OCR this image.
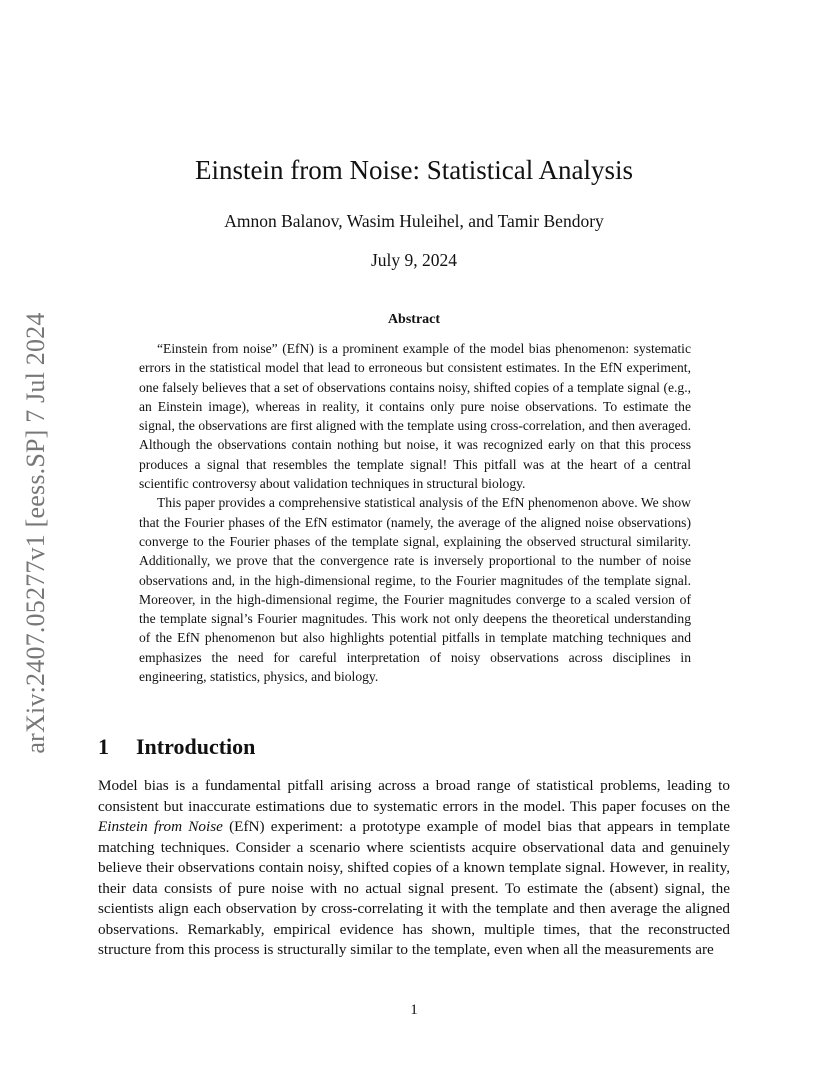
arXiv:2407.05277v1 [eess.SP] 7 Jul 2024
Einstein from Noise: Statistical Analysis
Amnon Balanov, Wasim Huleihel, and Tamir Bendory
July 9, 2024
Abstract

“Einstein from noise” (EfN) is a prominent example of the model bias phenomenon: systematic errors in the statistical model that lead to erroneous but consistent estimates. In the EfN experiment, one falsely believes that a set of observations contains noisy, shifted copies of a template signal (e.g., an Einstein image), whereas in reality, it contains only pure noise observations. To estimate the signal, the observations are first aligned with the template using cross-correlation, and then averaged. Although the observations contain nothing but noise, it was recognized early on that this process produces a signal that resembles the template signal! This pitfall was at the heart of a central scientific controversy about validation techniques in structural biology.

This paper provides a comprehensive statistical analysis of the EfN phenomenon above. We show that the Fourier phases of the EfN estimator (namely, the average of the aligned noise observations) converge to the Fourier phases of the template signal, explaining the observed structural similarity. Additionally, we prove that the convergence rate is inversely proportional to the number of noise observations and, in the high-dimensional regime, to the Fourier magnitudes of the template signal. Moreover, in the high-dimensional regime, the Fourier magnitudes converge to a scaled version of the template signal’s Fourier magnitudes. This work not only deepens the theoretical understanding of the EfN phenomenon but also highlights potential pitfalls in template matching techniques and emphasizes the need for careful interpretation of noisy observations across disciplines in engineering, statistics, physics, and biology.

1 Introduction

Model bias is a fundamental pitfall arising across a broad range of statistical problems, leading to consistent but inaccurate estimations due to systematic errors in the model. This paper focuses on the Einstein from Noise (EfN) experiment: a prototype example of model bias that appears in template matching techniques. Consider a scenario where scientists acquire observational data and genuinely believe their observations contain noisy, shifted copies of a known template signal. However, in reality, their data consists of pure noise with no actual signal present. To estimate the (absent) signal, the scientists align each observation by cross-correlating it with the template and then average the aligned observations. Remarkably, empirical evidence has shown, multiple times, that the reconstructed structure from this process is structurally similar to the template, even when all the measurements are

1
